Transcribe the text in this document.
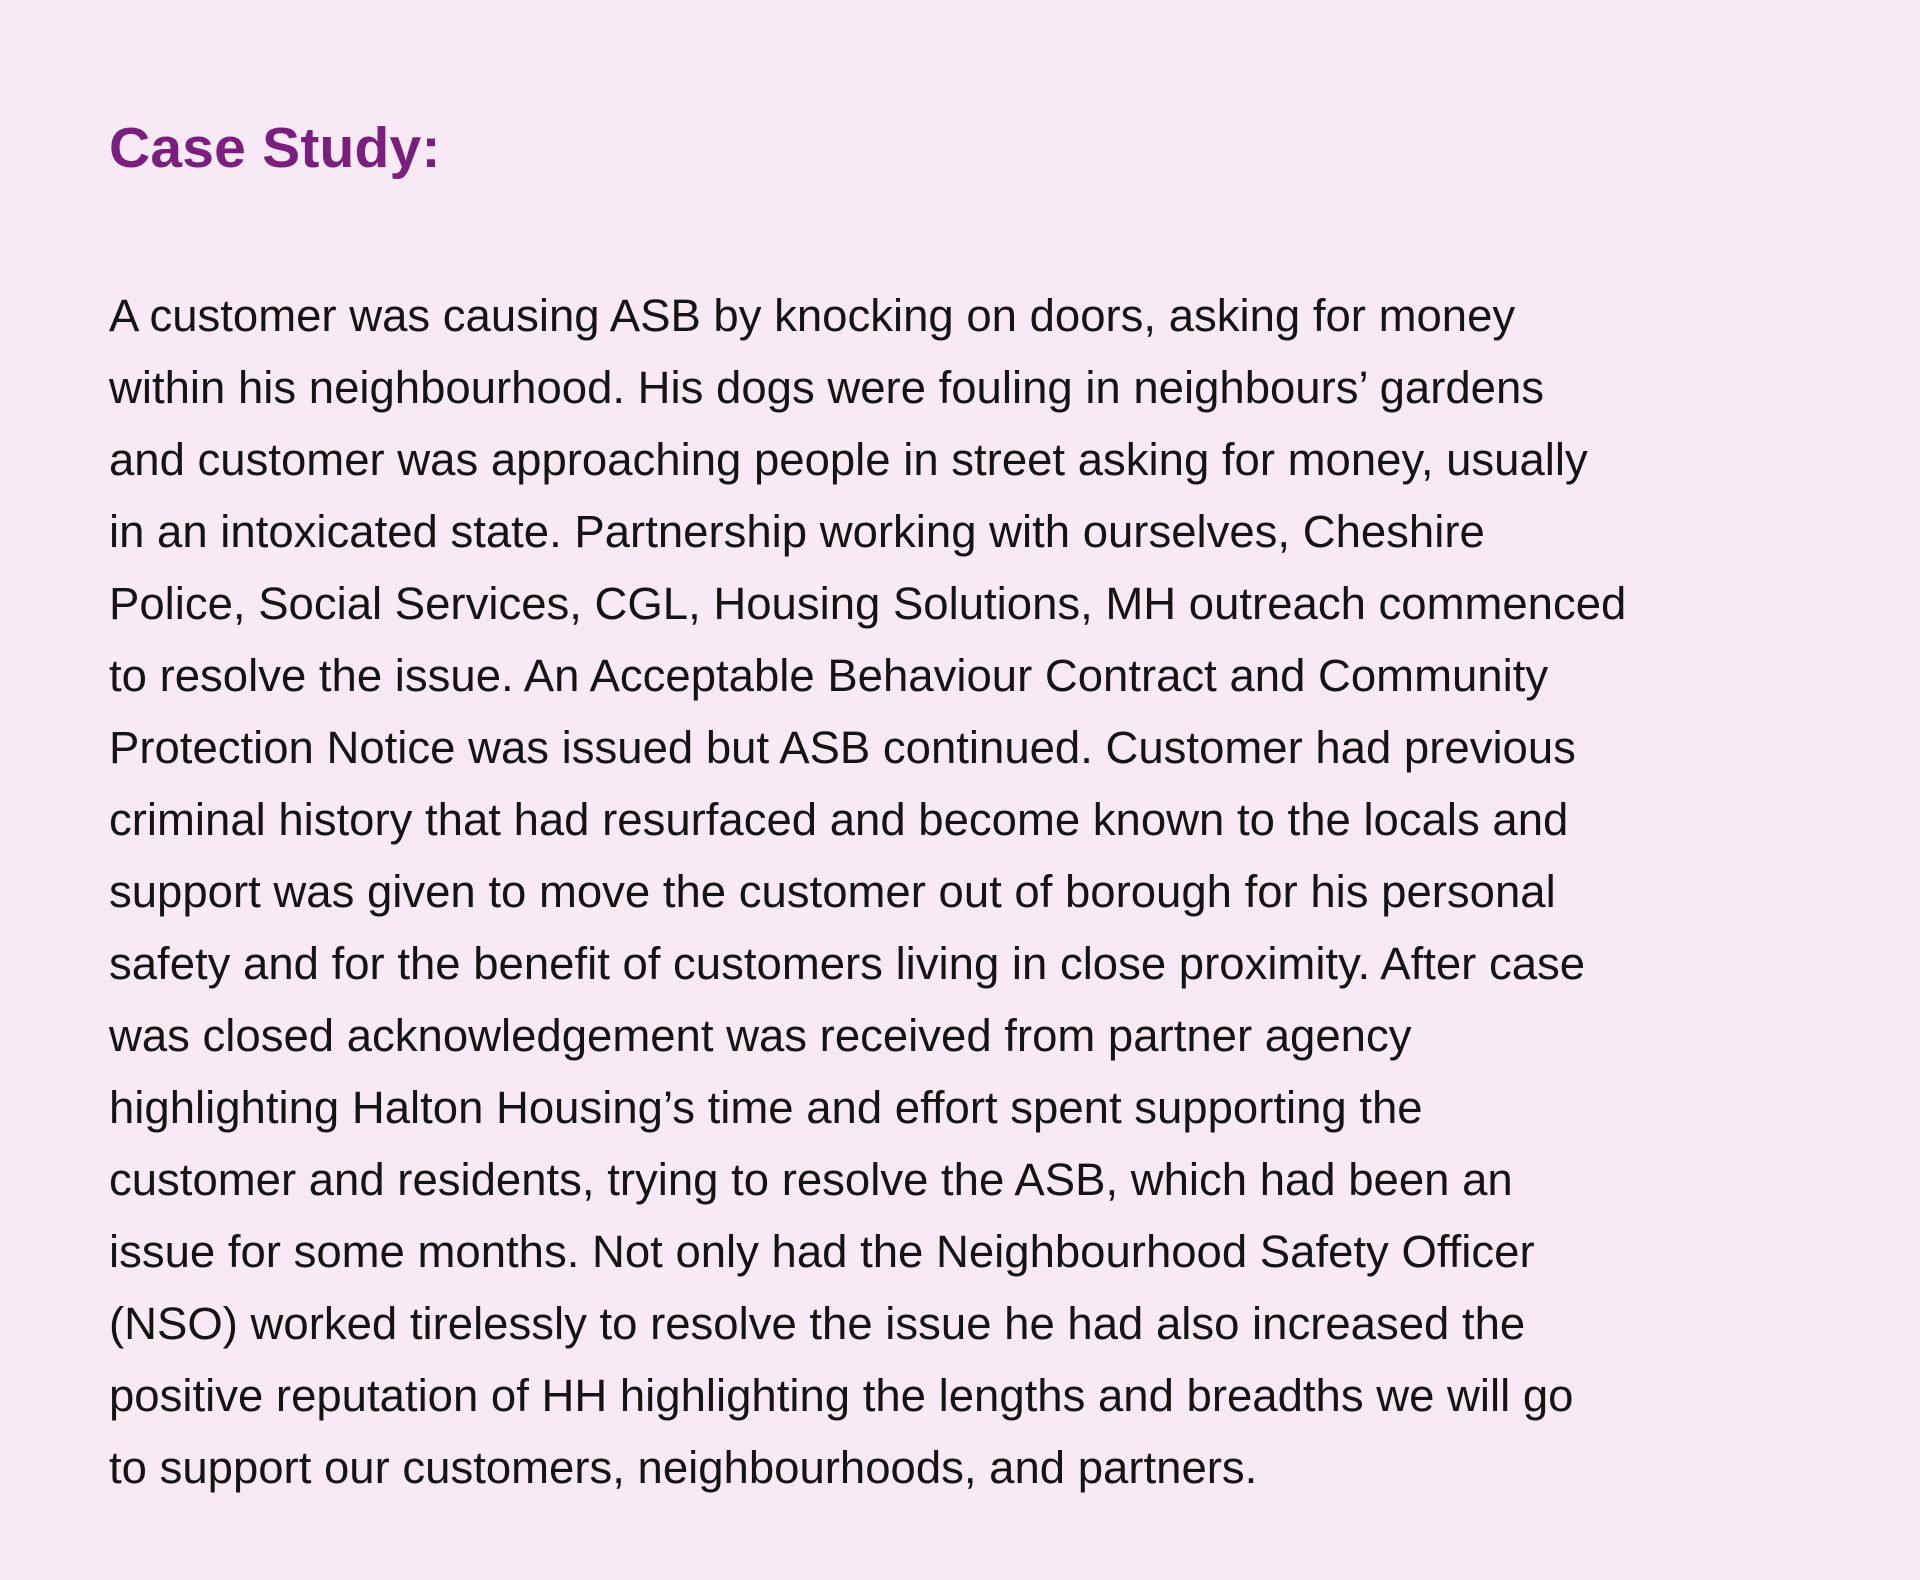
Case Study:

A customer was causing ASB by knocking on doors, asking for money
within his neighbourhood. His dogs were fouling in neighbours’ gardens
and customer was approaching people in street asking for money, usually
in an intoxicated state. Partnership working with ourselves, Cheshire
Police, Social Services, CGL, Housing Solutions, MH outreach commenced
to resolve the issue. An Acceptable Behaviour Contract and Community
Protection Notice was issued but ASB continued. Customer had previous
criminal history that had resurfaced and become known to the locals and
support was given to move the customer out of borough for his personal
safety and for the benefit of customers living in close proximity. After case
was closed acknowledgement was received from partner agency
highlighting Halton Housing’s time and effort spent supporting the
customer and residents, trying to resolve the ASB, which had been an
issue for some months. Not only had the Neighbourhood Safety Officer
(NSO) worked tirelessly to resolve the issue he had also increased the
positive reputation of HH highlighting the lengths and breadths we will go
to support our customers, neighbourhoods, and partners.
